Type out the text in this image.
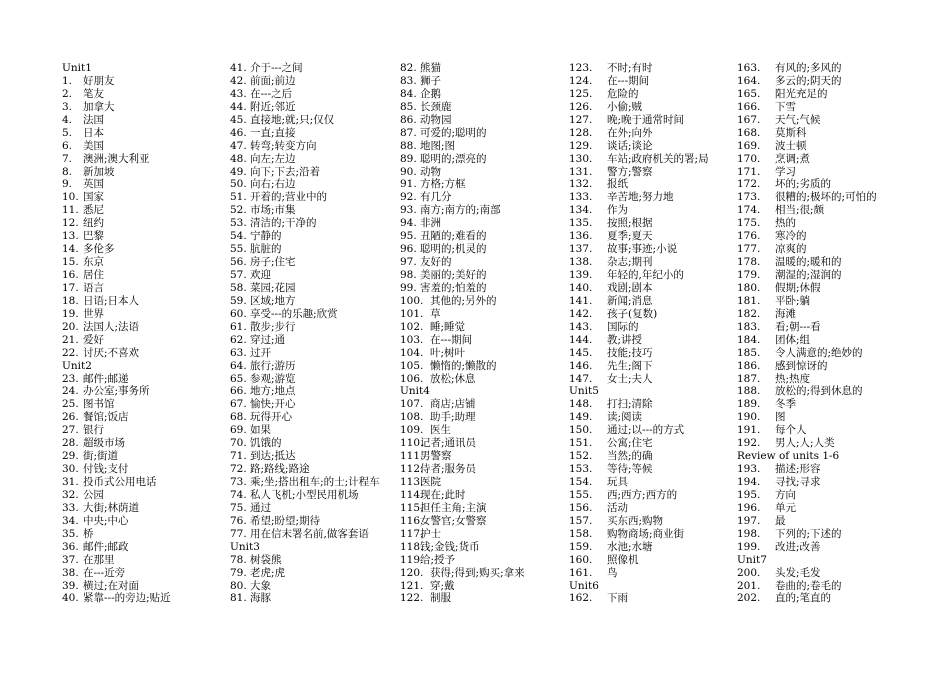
Unit1
1. 好朋友
2. 笔友
3. 加拿大
4. 法国
5. 日本
6. 美国
7. 澳洲;澳大利亚
8. 新加坡
9. 英国
10. 国家
11. 悉尼
12. 纽约
13. 巴黎
14. 多伦多
15. 东京
16. 居住
17. 语言
18. 日语;日本人
19. 世界
20. 法国人;法语
21. 爱好
22. 讨厌;不喜欢
Unit2
23. 邮件;邮递
24. 办公室;事务所
25. 图书馆
26. 餐馆;饭店
27. 银行
28. 超级市场
29. 街;街道
30. 付钱;支付
31. 投币式公用电话
32. 公园
33. 大街;林荫道
34. 中央;中心
35. 桥
36. 邮件;邮政
37. 在那里
38. 在---近旁
39. 横过;在对面
40. 紧靠---的旁边;贴近
41. 介于---之间
42. 前面;前边
43. 在---之后
44. 附近;邻近
45. 直接地;就;只;仅仅
46. 一直;直接
47. 转弯;转变方向
48. 向左;左边
49. 向下;下去;沿着
50. 向右;右边
51. 开着的;营业中的
52. 市场;市集
53. 清洁的;干净的
54. 宁静的
55. 肮脏的
56. 房子;住宅
57. 欢迎
58. 菜园;花园
59. 区域;地方
60. 享受---的乐趣;欣赏
61. 散步;步行
62. 穿过;通
63. 过开
64. 旅行;游历
65. 参观;游览
66. 地方;地点
67. 愉快;开心
68. 玩得开心
69. 如果
70. 饥饿的
71. 到达;抵达
72. 路;路线;路途
73. 乘;坐;搭出租车;的士;计程车
74. 私人飞机;小型民用机场
75. 通过
76. 希望;盼望;期待
77. 用在信末署名前,做客套语
Unit3
78. 树袋熊
79. 老虎;虎
80. 大象
81. 海豚
82. 熊猫
83. 狮子
84. 企鹅
85. 长颈鹿
86. 动物园
87. 可爱的;聪明的
88. 地图;图
89. 聪明的;漂亮的
90. 动物
91. 方格;方框
92. 有几分
93. 南方;南方的;南部
94. 非洲
95. 丑陋的;难看的
96. 聪明的;机灵的
97. 友好的
98. 美丽的;美好的
99. 害羞的;怕羞的
100. 其他的;另外的
101. 草
102. 睡;睡觉
103. 在---期间
104. 叶;树叶
105. 懒惰的;懒散的
106. 放松;休息
Unit4
107. 商店;店铺
108. 助手;助理
109. 医生
110.记者;通讯员
111.男警察
112.侍者;服务员
113.医院
114.现在;此时
115.担任主角;主演
116.女警官;女警察
117.护士
118.钱;金钱;货币
119.给;授予
120. 获得;得到;购买;拿来
121. 穿;戴
122. 制服
123. 不时;有时
124. 在---期间
125. 危险的
126. 小偷;贼
127. 晚;晚于通常时间
128. 在外;向外
129. 谈话;谈论
130. 车站;政府机关的署;局
131. 警方;警察
132. 报纸
133. 辛苦地;努力地
134. 作为
135. 按照;根据
136. 夏季;夏天
137. 故事;事迹;小说
138. 杂志;期刊
139. 年轻的,年纪小的
140. 戏剧;剧本
141. 新闻;消息
142. 孩子(复数)
143. 国际的
144. 教;讲授
145. 技能;技巧
146. 先生;阁下
147. 女士;夫人
Unit5
148. 打扫;清除
149. 读;阅读
150. 通过;以---的方式
151. 公寓;住宅
152. 当然;的确
153. 等待;等候
154. 玩具
155. 西;西方;西方的
156. 活动
157. 买东西;购物
158. 购物商场;商业街
159. 水池;水塘
160. 照像机
161. 鸟
Unit6
162. 下雨
163. 有风的;多风的
164. 多云的;阴天的
165. 阳光充足的
166. 下雪
167. 天气;气候
168. 莫斯科
169. 波士顿
170. 烹调;煮
171. 学习
172. 坏的;劣质的
173. 很糟的;极坏的;可怕的
174. 相当;很;颇
175. 热的
176. 寒冷的
177. 凉爽的
178. 温暖的;暖和的
179. 潮湿的;湿润的
180. 假期;休假
181. 平卧;躺
182. 海滩
183. 看;朝---看
184. 团体;组
185. 令人满意的;绝妙的
186. 感到惊讶的
187. 热;热度
188. 放松的;得到休息的
189. 冬季
190. 图
191. 每个人
192. 男人;人;人类
Review of units 1-6
193. 描述;形容
194. 寻找;寻求
195. 方向
196. 单元
197. 最
198. 下列的;下述的
199. 改进;改善
Unit7
200. 头发;毛发
201. 卷曲的;卷毛的
202. 直的;笔直的
